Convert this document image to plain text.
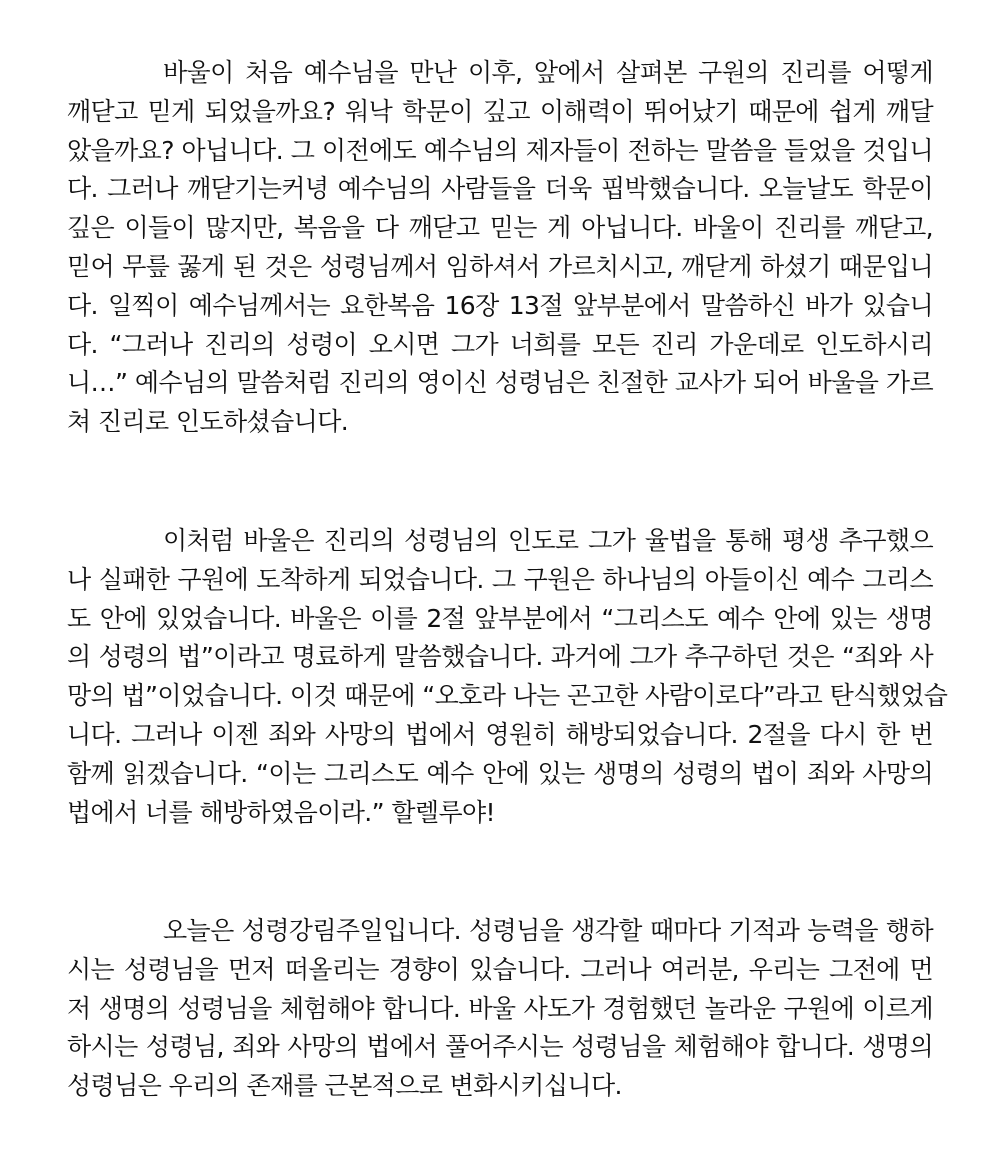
바울이 처음 예수님을 만난 이후, 앞에서 살펴본 구원의 진리를 어떻게
깨닫고 믿게 되었을까요? 워낙 학문이 깊고 이해력이 뛰어났기 때문에 쉽게 깨달
았을까요? 아닙니다. 그 이전에도 예수님의 제자들이 전하는 말씀을 들었을 것입니
다. 그러나 깨닫기는커녕 예수님의 사람들을 더욱 핍박했습니다. 오늘날도 학문이
깊은 이들이 많지만, 복음을 다 깨닫고 믿는 게 아닙니다. 바울이 진리를 깨닫고,
믿어 무릎 꿇게 된 것은 성령님께서 임하셔서 가르치시고, 깨닫게 하셨기 때문입니
다. 일찍이 예수님께서는 요한복음 16장 13절 앞부분에서 말씀하신 바가 있습니
다. “그러나 진리의 성령이 오시면 그가 너희를 모든 진리 가운데로 인도하시리
니…” 예수님의 말씀처럼 진리의 영이신 성령님은 친절한 교사가 되어 바울을 가르
쳐 진리로 인도하셨습니다.
이처럼 바울은 진리의 성령님의 인도로 그가 율법을 통해 평생 추구했으
나 실패한 구원에 도착하게 되었습니다. 그 구원은 하나님의 아들이신 예수 그리스
도 안에 있었습니다. 바울은 이를 2절 앞부분에서 “그리스도 예수 안에 있는 생명
의 성령의 법”이라고 명료하게 말씀했습니다. 과거에 그가 추구하던 것은 “죄와 사
망의 법”이었습니다. 이것 때문에 “오호라 나는 곤고한 사람이로다”라고 탄식했었습
니다. 그러나 이젠 죄와 사망의 법에서 영원히 해방되었습니다. 2절을 다시 한 번
함께 읽겠습니다. “이는 그리스도 예수 안에 있는 생명의 성령의 법이 죄와 사망의
법에서 너를 해방하였음이라.” 할렐루야!
오늘은 성령강림주일입니다. 성령님을 생각할 때마다 기적과 능력을 행하
시는 성령님을 먼저 떠올리는 경향이 있습니다. 그러나 여러분, 우리는 그전에 먼
저 생명의 성령님을 체험해야 합니다. 바울 사도가 경험했던 놀라운 구원에 이르게
하시는 성령님, 죄와 사망의 법에서 풀어주시는 성령님을 체험해야 합니다. 생명의
성령님은 우리의 존재를 근본적으로 변화시키십니다.
